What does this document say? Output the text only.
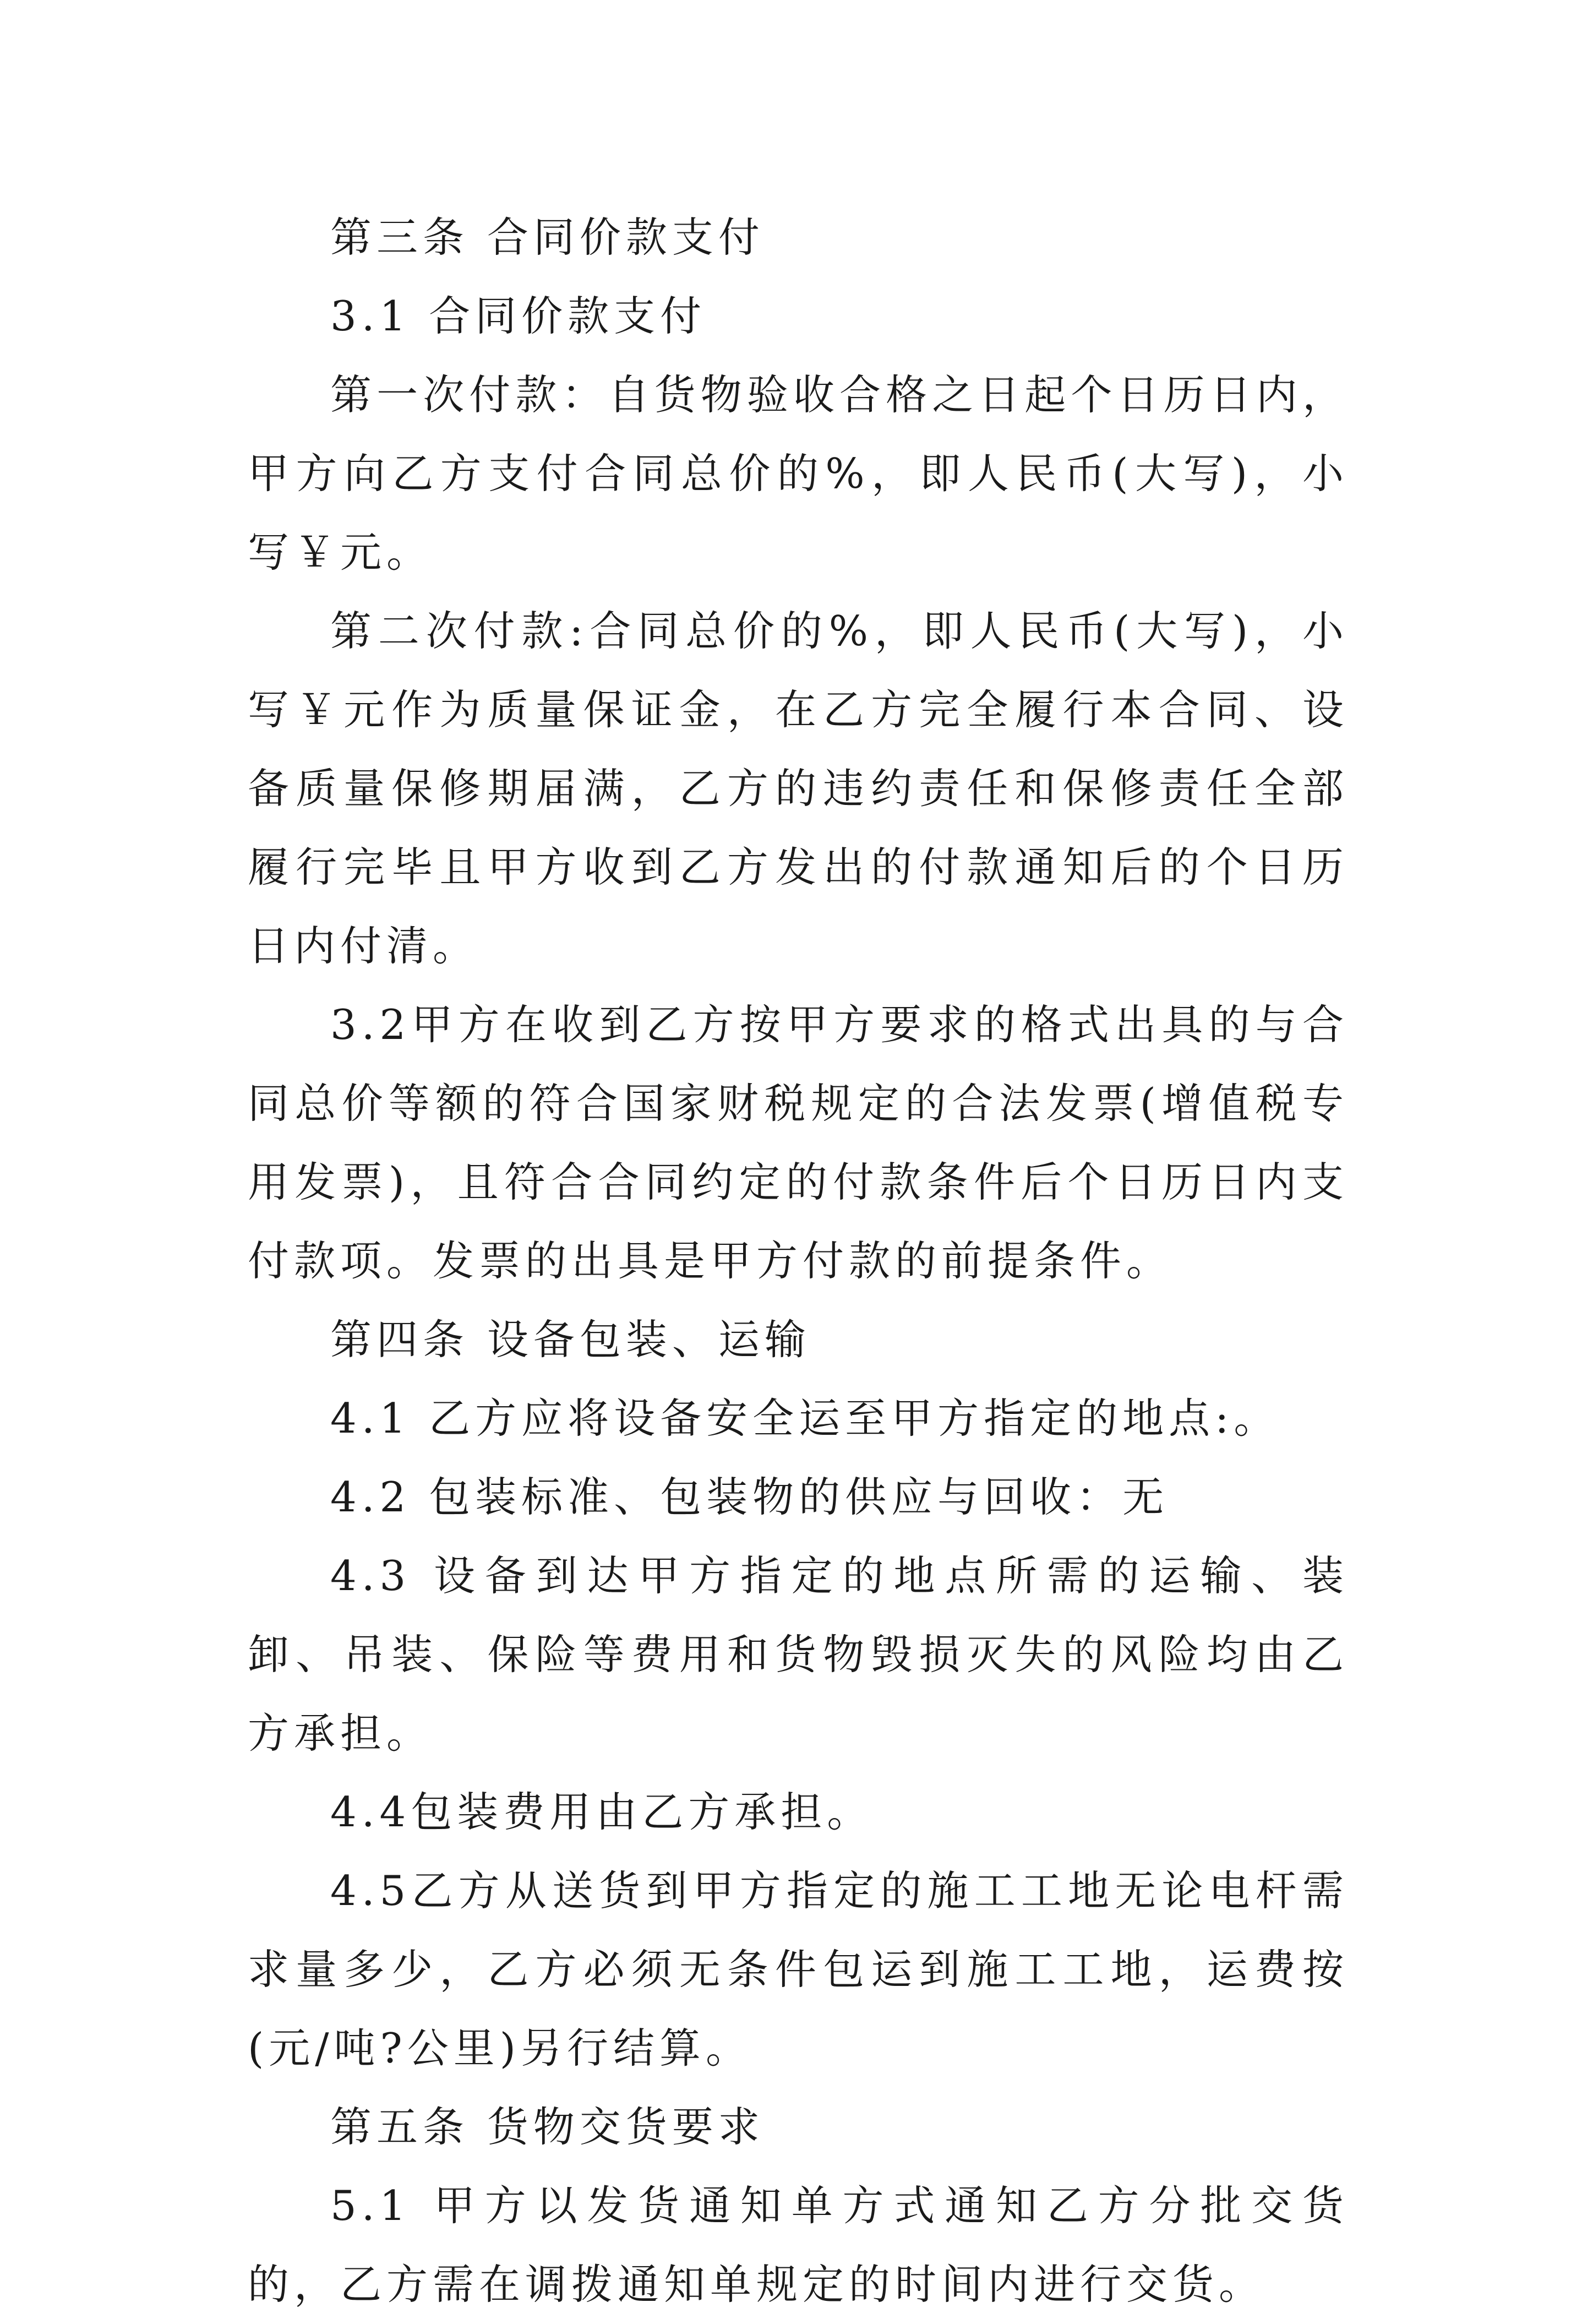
第三条 合同价款支付

3.1 合同价款支付

第一次付款：自货物验收合格之日起个日历日内，甲方向乙方支付合同总价的%，即人民币(大写)，小写￥元。

第二次付款:合同总价的%，即人民币(大写)，小写￥元作为质量保证金，在乙方完全履行本合同、设备质量保修期届满，乙方的违约责任和保修责任全部履行完毕且甲方收到乙方发出的付款通知后的个日历日内付清。

3.2甲方在收到乙方按甲方要求的格式出具的与合同总价等额的符合国家财税规定的合法发票(增值税专用发票)，且符合合同约定的付款条件后个日历日内支付款项。发票的出具是甲方付款的前提条件。

第四条 设备包装、运输

4.1 乙方应将设备安全运至甲方指定的地点:。

4.2 包装标准、包装物的供应与回收：无

4.3 设备到达甲方指定的地点所需的运输、装卸、吊装、保险等费用和货物毁损灭失的风险均由乙方承担。

4.4包装费用由乙方承担。

4.5乙方从送货到甲方指定的施工工地无论电杆需求量多少，乙方必须无条件包运到施工工地，运费按(元/吨?公里)另行结算。

第五条 货物交货要求

5.1 甲方以发货通知单方式通知乙方分批交货的，乙方需在调拨通知单规定的时间内进行交货。
